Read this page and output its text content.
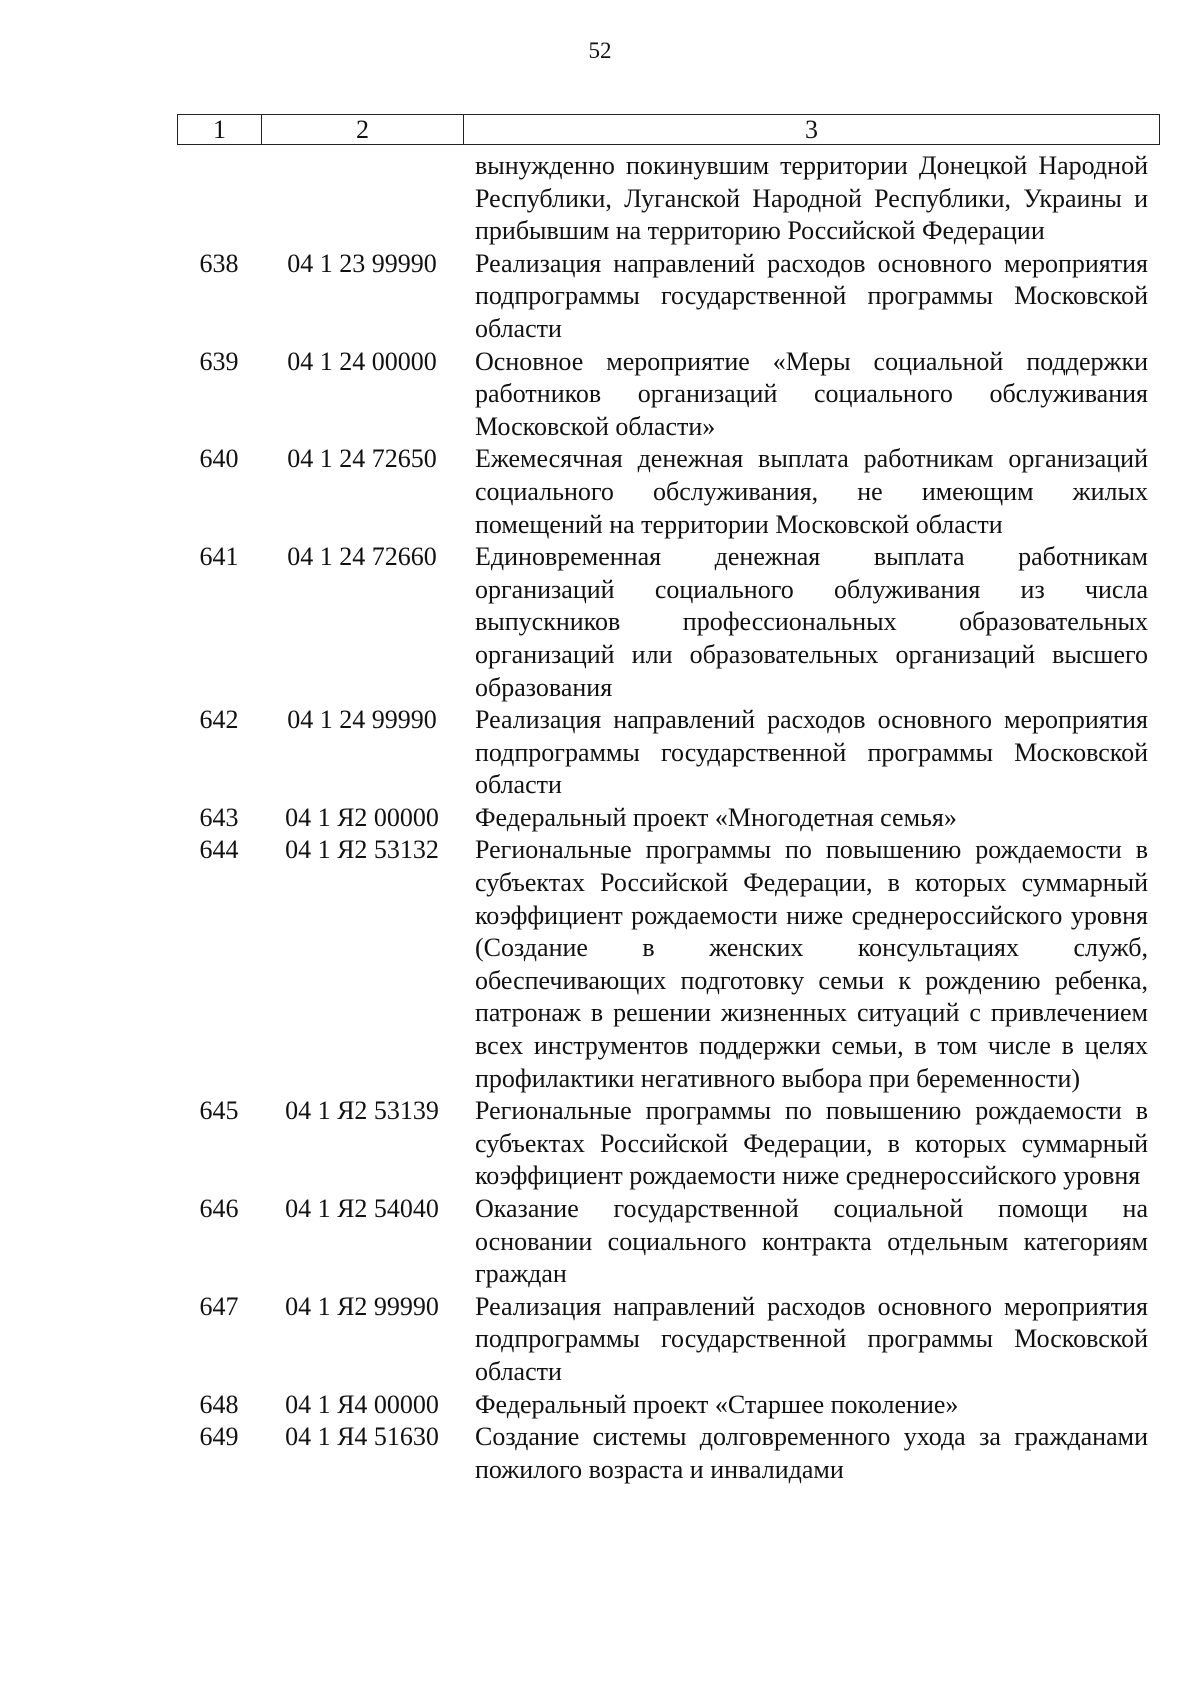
52
1	2	3
вынужденно покинувшим территории Донецкой Народной Республики, Луганской Народной Республики, Украины и прибывшим на территорию Российской Федерации
638	04 1 23 99990	Реализация направлений расходов основного мероприятия подпрограммы государственной программы Московской области
639	04 1 24 00000	Основное мероприятие «Меры социальной поддержки работников организаций социального обслуживания Московской области»
640	04 1 24 72650	Ежемесячная денежная выплата работникам организаций социального обслуживания, не имеющим жилых помещений на территории Московской области
641	04 1 24 72660	Единовременная денежная выплата работникам организаций социального облуживания из числа выпускников профессиональных образовательных организаций или образовательных организаций высшего образования
642	04 1 24 99990	Реализация направлений расходов основного мероприятия подпрограммы государственной программы Московской области
643	04 1 Я2 00000	Федеральный проект «Многодетная семья»
644	04 1 Я2 53132	Региональные программы по повышению рождаемости в субъектах Российской Федерации, в которых суммарный коэффициент рождаемости ниже среднероссийского уровня (Создание в женских консультациях служб, обеспечивающих подготовку семьи к рождению ребенка, патронаж в решении жизненных ситуаций с привлечением всех инструментов поддержки семьи, в том числе в целях профилактики негативного выбора при беременности)
645	04 1 Я2 53139	Региональные программы по повышению рождаемости в субъектах Российской Федерации, в которых суммарный коэффициент рождаемости ниже среднероссийского уровня
646	04 1 Я2 54040	Оказание государственной социальной помощи на основании социального контракта отдельным категориям граждан
647	04 1 Я2 99990	Реализация направлений расходов основного мероприятия подпрограммы государственной программы Московской области
648	04 1 Я4 00000	Федеральный проект «Старшее поколение»
649	04 1 Я4 51630	Создание системы долговременного ухода за гражданами пожилого возраста и инвалидами
